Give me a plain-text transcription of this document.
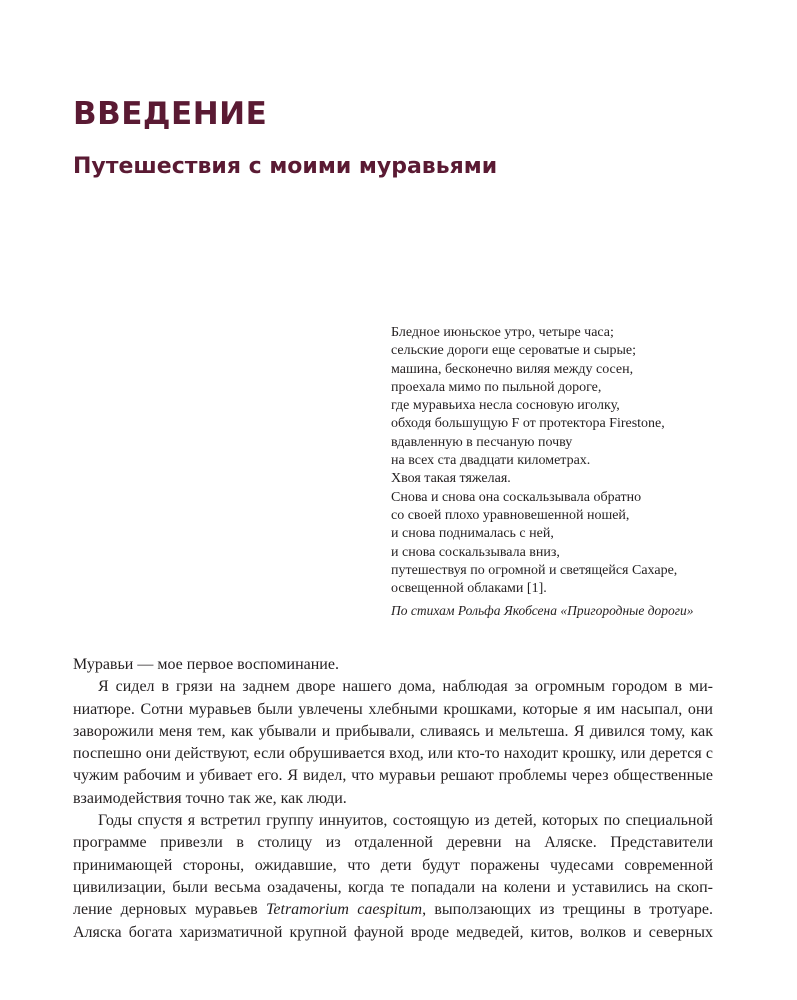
ВВЕДЕНИЕ
Путешествия с моими муравьями
Бледное июньское утро, четыре часа;
сельские дороги еще сероватые и сырые;
машина, бесконечно виляя между сосен,
проехала мимо по пыльной дороге,
где муравьиха несла сосновую иголку,
обходя большущую F от протектора Firestone,
вдавленную в песчаную почву
на всех ста двадцати километрах.
Хвоя такая тяжелая.
Снова и снова она соскальзывала обратно
со своей плохо уравновешенной ношей,
и снова поднималась с ней,
и снова соскальзывала вниз,
путешествуя по огромной и светящейся Сахаре,
освещенной облаками [1].
По стихам Рольфа Якобсена «Пригородные дороги»

Муравьи — мое первое воспоминание.

Я сидел в грязи на заднем дворе нашего дома, наблюдая за огромным городом в миниатюре. Сотни муравьев были увлечены хлебными крошками, которые я им насыпал, они заворожили меня тем, как убывали и прибывали, сливаясь и мельтеша. Я дивился тому, как поспешно они действуют, если обрушивается вход, или кто-то находит крошку, или дерется с чужим рабочим и убивает его. Я видел, что муравьи решают проблемы через общественные взаимодействия точно так же, как люди.

Годы спустя я встретил группу иннуитов, состоящую из детей, которых по специальной программе привезли в столицу из отдаленной деревни на Аляске. Представители принимающей стороны, ожидавшие, что дети будут поражены чудесами современной цивилизации, были весьма озадачены, когда те попадали на колени и уставились на скопление дерновых муравьев Tetramorium caespitum, выползающих из трещины в тротуаре. Аляска богата харизматичной крупной фауной вроде медведей, китов, волков и северных
